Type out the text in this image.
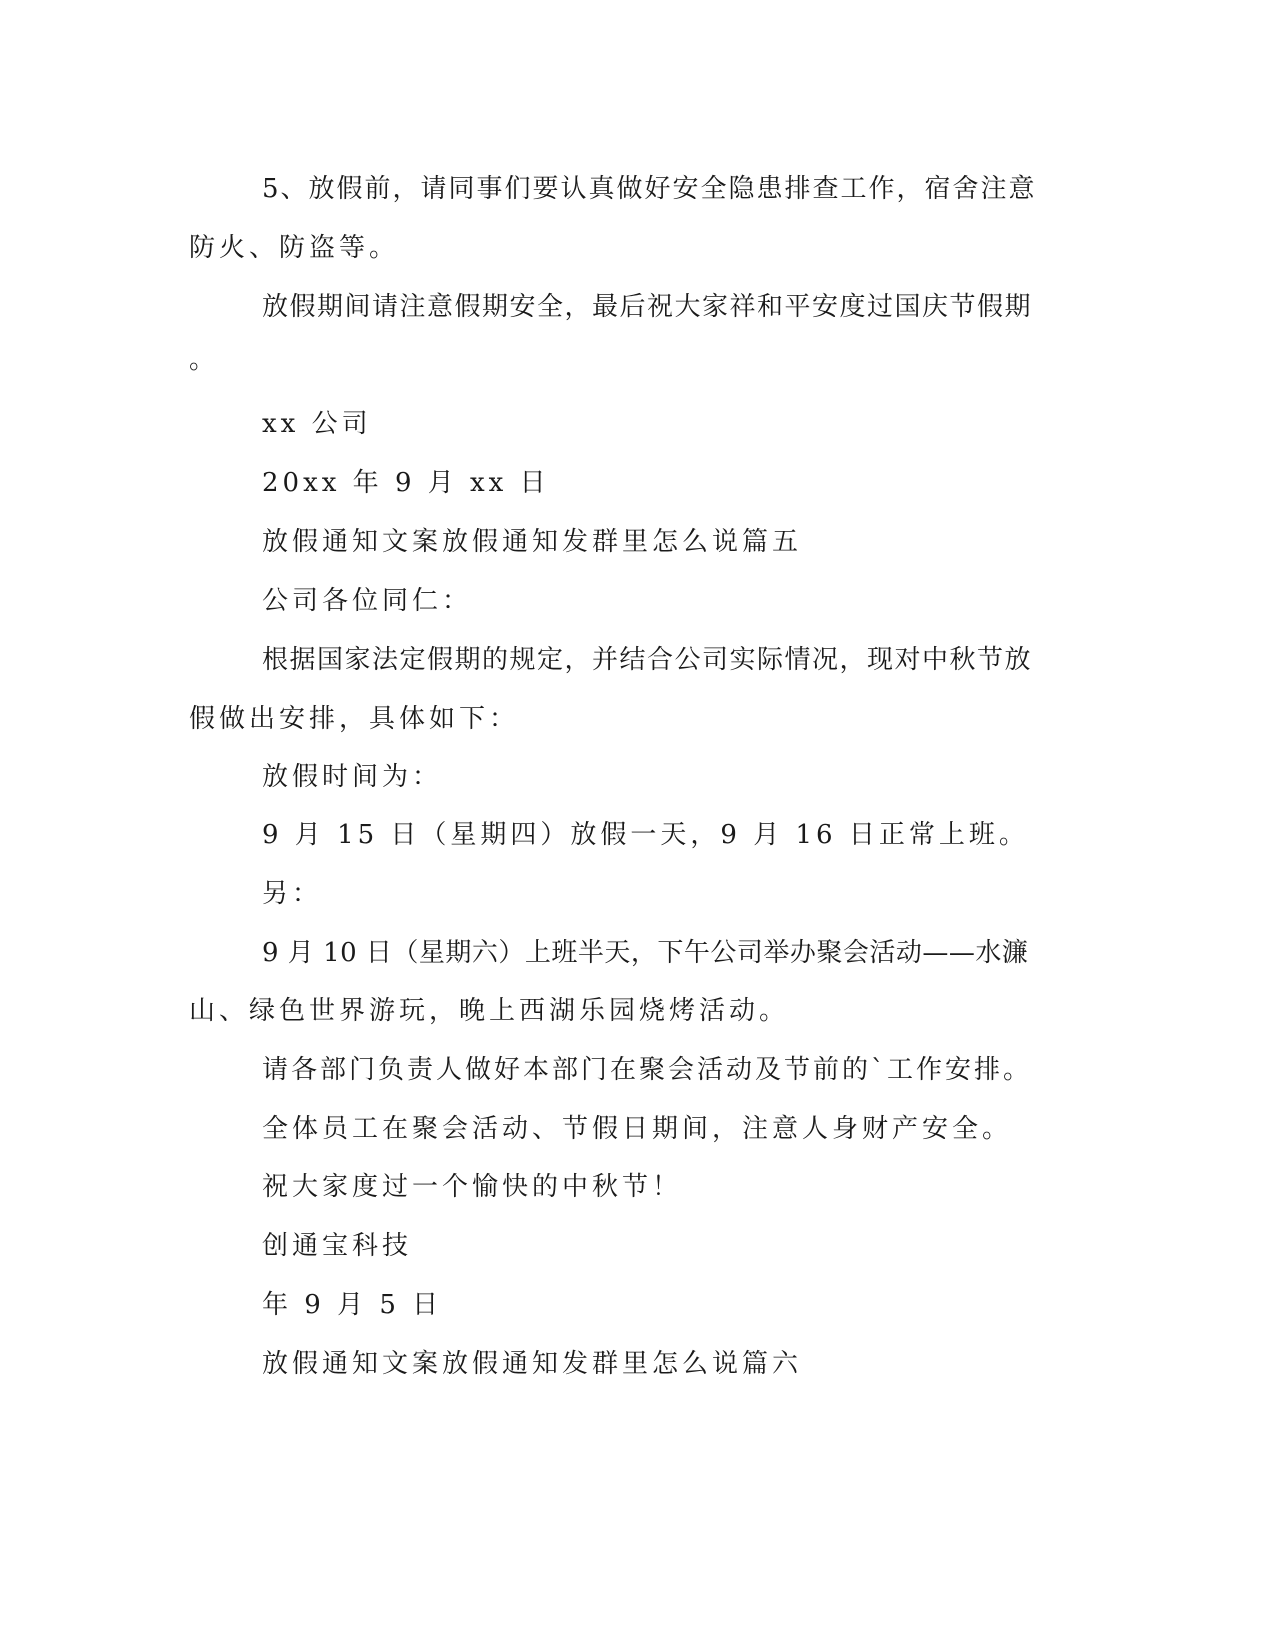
5、放假前，请同事们要认真做好安全隐患排查工作，宿舍注意
防火、防盗等。
放假期间请注意假期安全，最后祝大家祥和平安度过国庆节假期
。
xx 公司
20xx 年 9 月 xx 日
放假通知文案放假通知发群里怎么说篇五
公司各位同仁：
根据国家法定假期的规定，并结合公司实际情况，现对中秋节放
假做出安排，具体如下：
放假时间为：
9 月 15 日（星期四）放假一天，9 月 16 日正常上班。
另：
9 月 10 日（星期六）上班半天，下午公司举办聚会活动——水濂
山、绿色世界游玩，晚上西湖乐园烧烤活动。
请各部门负责人做好本部门在聚会活动及节前的`工作安排。
全体员工在聚会活动、节假日期间，注意人身财产安全。
祝大家度过一个愉快的中秋节！
创通宝科技
年 9 月 5 日
放假通知文案放假通知发群里怎么说篇六
